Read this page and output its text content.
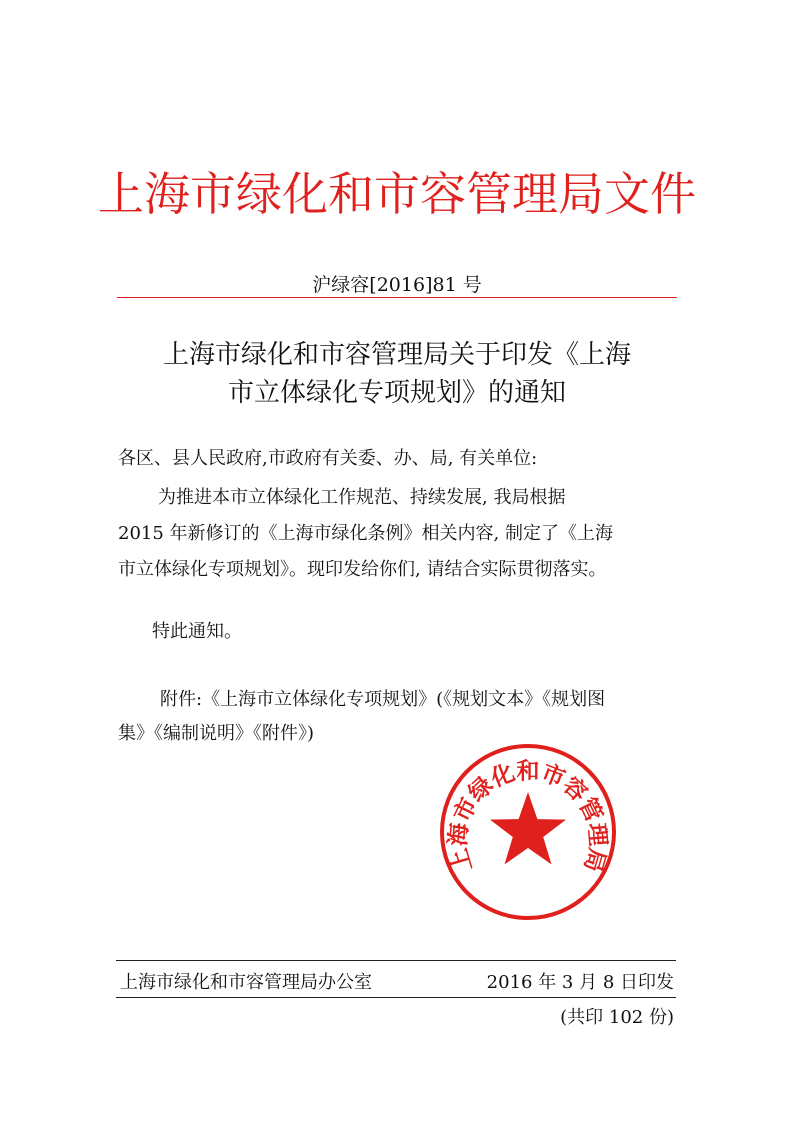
上海市绿化和市容管理局文件
沪绿容[2016]81 号
上海市绿化和市容管理局关于印发《上海
市立体绿化专项规划》的通知
各区、县人民政府,市政府有关委、办、局, 有关单位:
为推进本市立体绿化工作规范、持续发展, 我局根据
2015 年新修订的《上海市绿化条例》相关内容, 制定了《上海
市立体绿化专项规划》。现印发给你们, 请结合实际贯彻落实。
特此通知。
附件:《上海市立体绿化专项规划》(《规划文本》《规划图
集》《编制说明》《附件》)
上海市绿化和市容管理局
上海市绿化和市容管理局办公室	2016 年 3 月 8 日印发
(共印 102 份)
